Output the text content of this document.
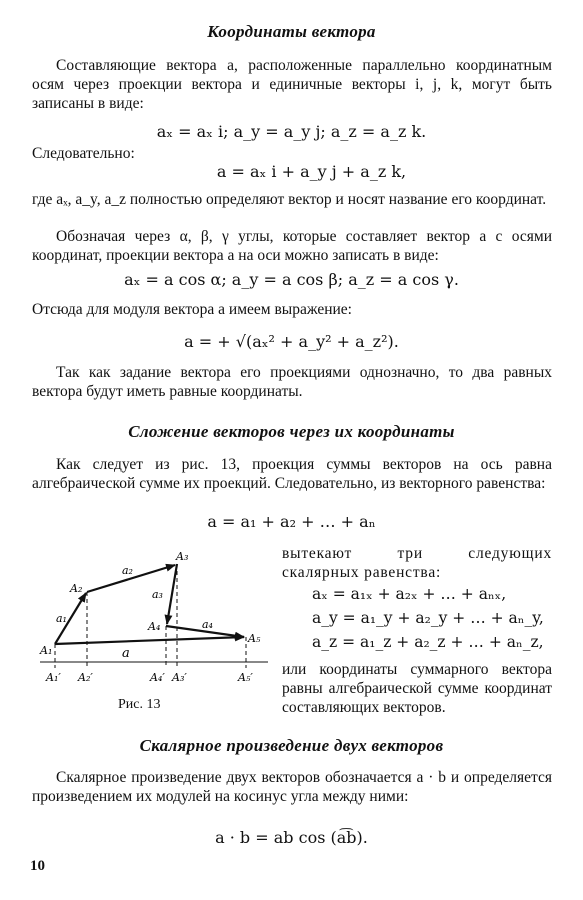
Координаты вектора
Составляющие вектора a, расположенные параллельно координатным осям через проекции вектора и единичные векторы i, j, k, могут быть записаны в виде:
aₓ = aₓ i; a_y = a_y j; a_z = a_z k.
Следовательно:
a = aₓ i + a_y j + a_z k,
где aₓ, a_y, a_z полностью определяют вектор и носят название его координат.
Обозначая через α, β, γ углы, которые составляет вектор a с осями координат, проекции вектора a на оси можно записать в виде:
aₓ = a cos α; a_y = a cos β; a_z = a cos γ.
Отсюда для модуля вектора a имеем выражение:
a = + √(aₓ² + a_y² + a_z²).
Так как задание вектора его проекциями однозначно, то два равных вектора будут иметь равные координаты.
Сложение векторов через их координаты
Как следует из рис. 13, проекция суммы векторов на ось равна алгебраической сумме их проекций. Следовательно, из векторного равенства:
a = a₁ + a₂ + … + aₙ
A₁
A₂
A₃
A₄
A₅
a₁
a₂
a₃
a₄
a
A₁′ A₂′	A₄′ A₃′	A₅′
Рис. 13
вытекают три следующих скалярных равенства:
aₓ = a₁ₓ + a₂ₓ + … + aₙₓ,
a_y = a₁_y + a₂_y + … + aₙ_y,
a_z = a₁_z + a₂_z + … + aₙ_z,
или координаты суммарного вектора равны алгебраической сумме координат составляющих векторов.
Скалярное произведение двух векторов
Скалярное произведение двух векторов обозначается a · b и определяется произведением их модулей на косинус угла между ними:
a · b = ab cos (a͡b).
10
